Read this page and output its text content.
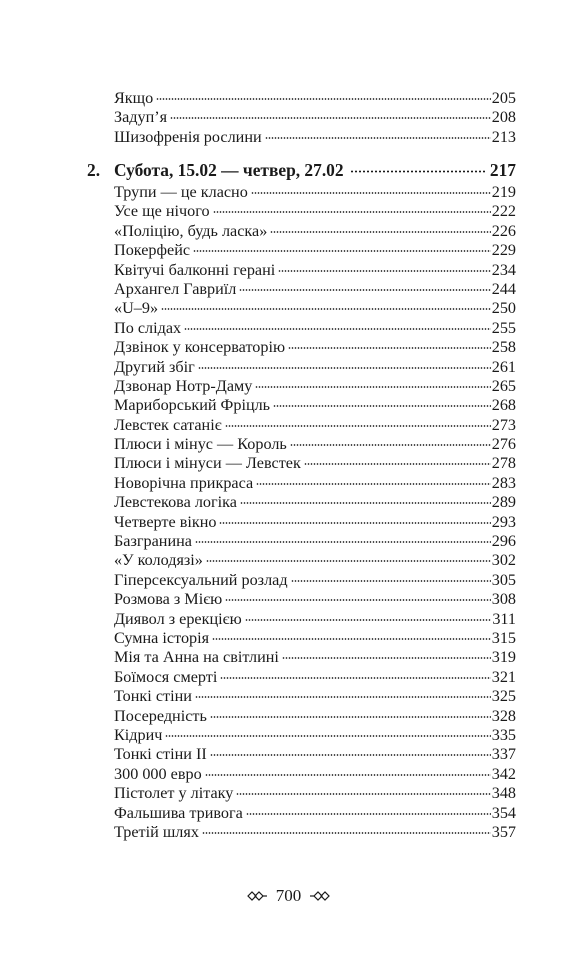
Якщо	205
Задуп’я	208
Шизофренія рослини	213
2. Субота, 15.02 — четвер, 27.02	217
Трупи — це класно	219
Усе ще нічого	222
«Поліцію, будь ласка»	226
Покерфейс	229
Квітучі балконні герані	234
Архангел Гавриїл	244
«U–9»	250
По слідах	255
Дзвінок у консерваторію	258
Другий збіг	261
Дзвонар Нотр-Даму	265
Мариборський Фріцль	268
Левстек сатаніє	273
Плюси і мінус — Король	276
Плюси і мінуси — Левстек	278
Новорічна прикраса	283
Левстекова логіка	289
Четверте вікно	293
Базгранина	296
«У колодязі»	302
Гіперсексуальний розлад	305
Розмова з Мією	308
Диявол з ерекцією	311
Сумна історія	315
Мія та Анна на світлині	319
Боїмося смерті	321
Тонкі стіни	325
Посередність	328
Кідрич	335
Тонкі стіни II	337
300 000 евро	342
Пістолет у літаку	348
Фальшива тривога	354
Третій шлях	357
700
